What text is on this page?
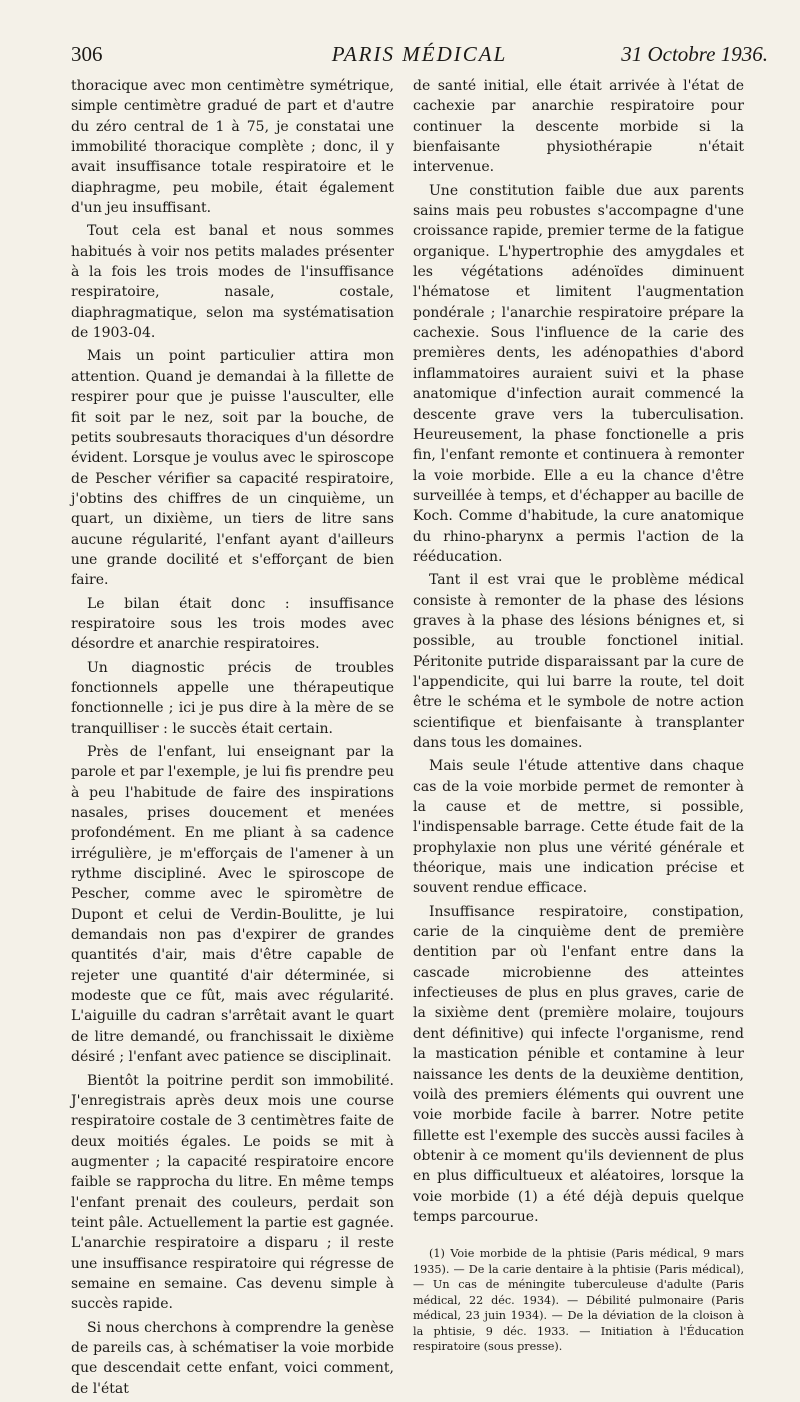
306	PARIS MÉDICAL	31 Octobre 1936.

thoracique avec mon centimètre symétrique, simple centimètre gradué de part et d'autre du zéro central de 1 à 75, je constatai une immobilité thoracique complète ; donc, il y avait insuffisance totale respiratoire et le diaphragme, peu mobile, était également d'un jeu insuffisant.

Tout cela est banal et nous sommes habitués à voir nos petits malades présenter à la fois les trois modes de l'insuffisance respiratoire, nasale, costale, diaphragmatique, selon ma systématisation de 1903-04.

Mais un point particulier attira mon attention. Quand je demandai à la fillette de respirer pour que je puisse l'ausculter, elle fit soit par le nez, soit par la bouche, de petits soubresauts thoraciques d'un désordre évident. Lorsque je voulus avec le spiroscope de Pescher vérifier sa capacité respiratoire, j'obtins des chiffres de un cinquième, un quart, un dixième, un tiers de litre sans aucune régularité, l'enfant ayant d'ailleurs une grande docilité et s'efforçant de bien faire.

Le bilan était donc : insuffisance respiratoire sous les trois modes avec désordre et anarchie respiratoires.

Un diagnostic précis de troubles fonctionnels appelle une thérapeutique fonctionnelle ; ici je pus dire à la mère de se tranquilliser : le succès était certain.

Près de l'enfant, lui enseignant par la parole et par l'exemple, je lui fis prendre peu à peu l'habitude de faire des inspirations nasales, prises doucement et menées profondément. En me pliant à sa cadence irrégulière, je m'efforçais de l'amener à un rythme discipliné. Avec le spiroscope de Pescher, comme avec le spiromètre de Dupont et celui de Verdin-Boulitte, je lui demandais non pas d'expirer de grandes quantités d'air, mais d'être capable de rejeter une quantité d'air déterminée, si modeste que ce fût, mais avec régularité. L'aiguille du cadran s'arrêtait avant le quart de litre demandé, ou franchissait le dixième désiré ; l'enfant avec patience se disciplinait.

Bientôt la poitrine perdit son immobilité. J'enregistrais après deux mois une course respiratoire costale de 3 centimètres faite de deux moitiés égales. Le poids se mit à augmenter ; la capacité respiratoire encore faible se rapprocha du litre. En même temps l'enfant prenait des couleurs, perdait son teint pâle. Actuellement la partie est gagnée. L'anarchie respiratoire a disparu ; il reste une insuffisance respiratoire qui régresse de semaine en semaine. Cas devenu simple à succès rapide.

Si nous cherchons à comprendre la genèse de pareils cas, à schématiser la voie morbide que descendait cette enfant, voici comment, de l'état

de santé initial, elle était arrivée à l'état de cachexie par anarchie respiratoire pour continuer la descente morbide si la bienfaisante physiothérapie n'était intervenue.

Une constitution faible due aux parents sains mais peu robustes s'accompagne d'une croissance rapide, premier terme de la fatigue organique. L'hypertrophie des amygdales et les végétations adénoïdes diminuent l'hématose et limitent l'augmentation pondérale ; l'anarchie respiratoire prépare la cachexie. Sous l'influence de la carie des premières dents, les adénopathies d'abord inflammatoires auraient suivi et la phase anatomique d'infection aurait commencé la descente grave vers la tuberculisation. Heureusement, la phase fonctionelle a pris fin, l'enfant remonte et continuera à remonter la voie morbide. Elle a eu la chance d'être surveillée à temps, et d'échapper au bacille de Koch. Comme d'habitude, la cure anatomique du rhino-pharynx a permis l'action de la rééducation.

Tant il est vrai que le problème médical consiste à remonter de la phase des lésions graves à la phase des lésions bénignes et, si possible, au trouble fonctionel initial. Péritonite putride disparaissant par la cure de l'appendicite, qui lui barre la route, tel doit être le schéma et le symbole de notre action scientifique et bienfaisante à transplanter dans tous les domaines.

Mais seule l'étude attentive dans chaque cas de la voie morbide permet de remonter à la cause et de mettre, si possible, l'indispensable barrage. Cette étude fait de la prophylaxie non plus une vérité générale et théorique, mais une indication précise et souvent rendue efficace.

Insuffisance respiratoire, constipation, carie de la cinquième dent de première dentition par où l'enfant entre dans la cascade microbienne des atteintes infectieuses de plus en plus graves, carie de la sixième dent (première molaire, toujours dent définitive) qui infecte l'organisme, rend la mastication pénible et contamine à leur naissance les dents de la deuxième dentition, voilà des premiers éléments qui ouvrent une voie morbide facile à barrer. Notre petite fillette est l'exemple des succès aussi faciles à obtenir à ce moment qu'ils deviennent de plus en plus difficultueux et aléatoires, lorsque la voie morbide (1) a été déjà depuis quelque temps parcourue.

(1) Voie morbide de la phtisie (Paris médical, 9 mars 1935). — De la carie dentaire à la phtisie (Paris médical), — Un cas de méningite tuberculeuse d'adulte (Paris médical, 22 déc. 1934). — Débilité pulmonaire (Paris médical, 23 juin 1934). — De la déviation de la cloison à la phtisie, 9 déc. 1933. — Initiation à l'Éducation respiratoire (sous presse).
